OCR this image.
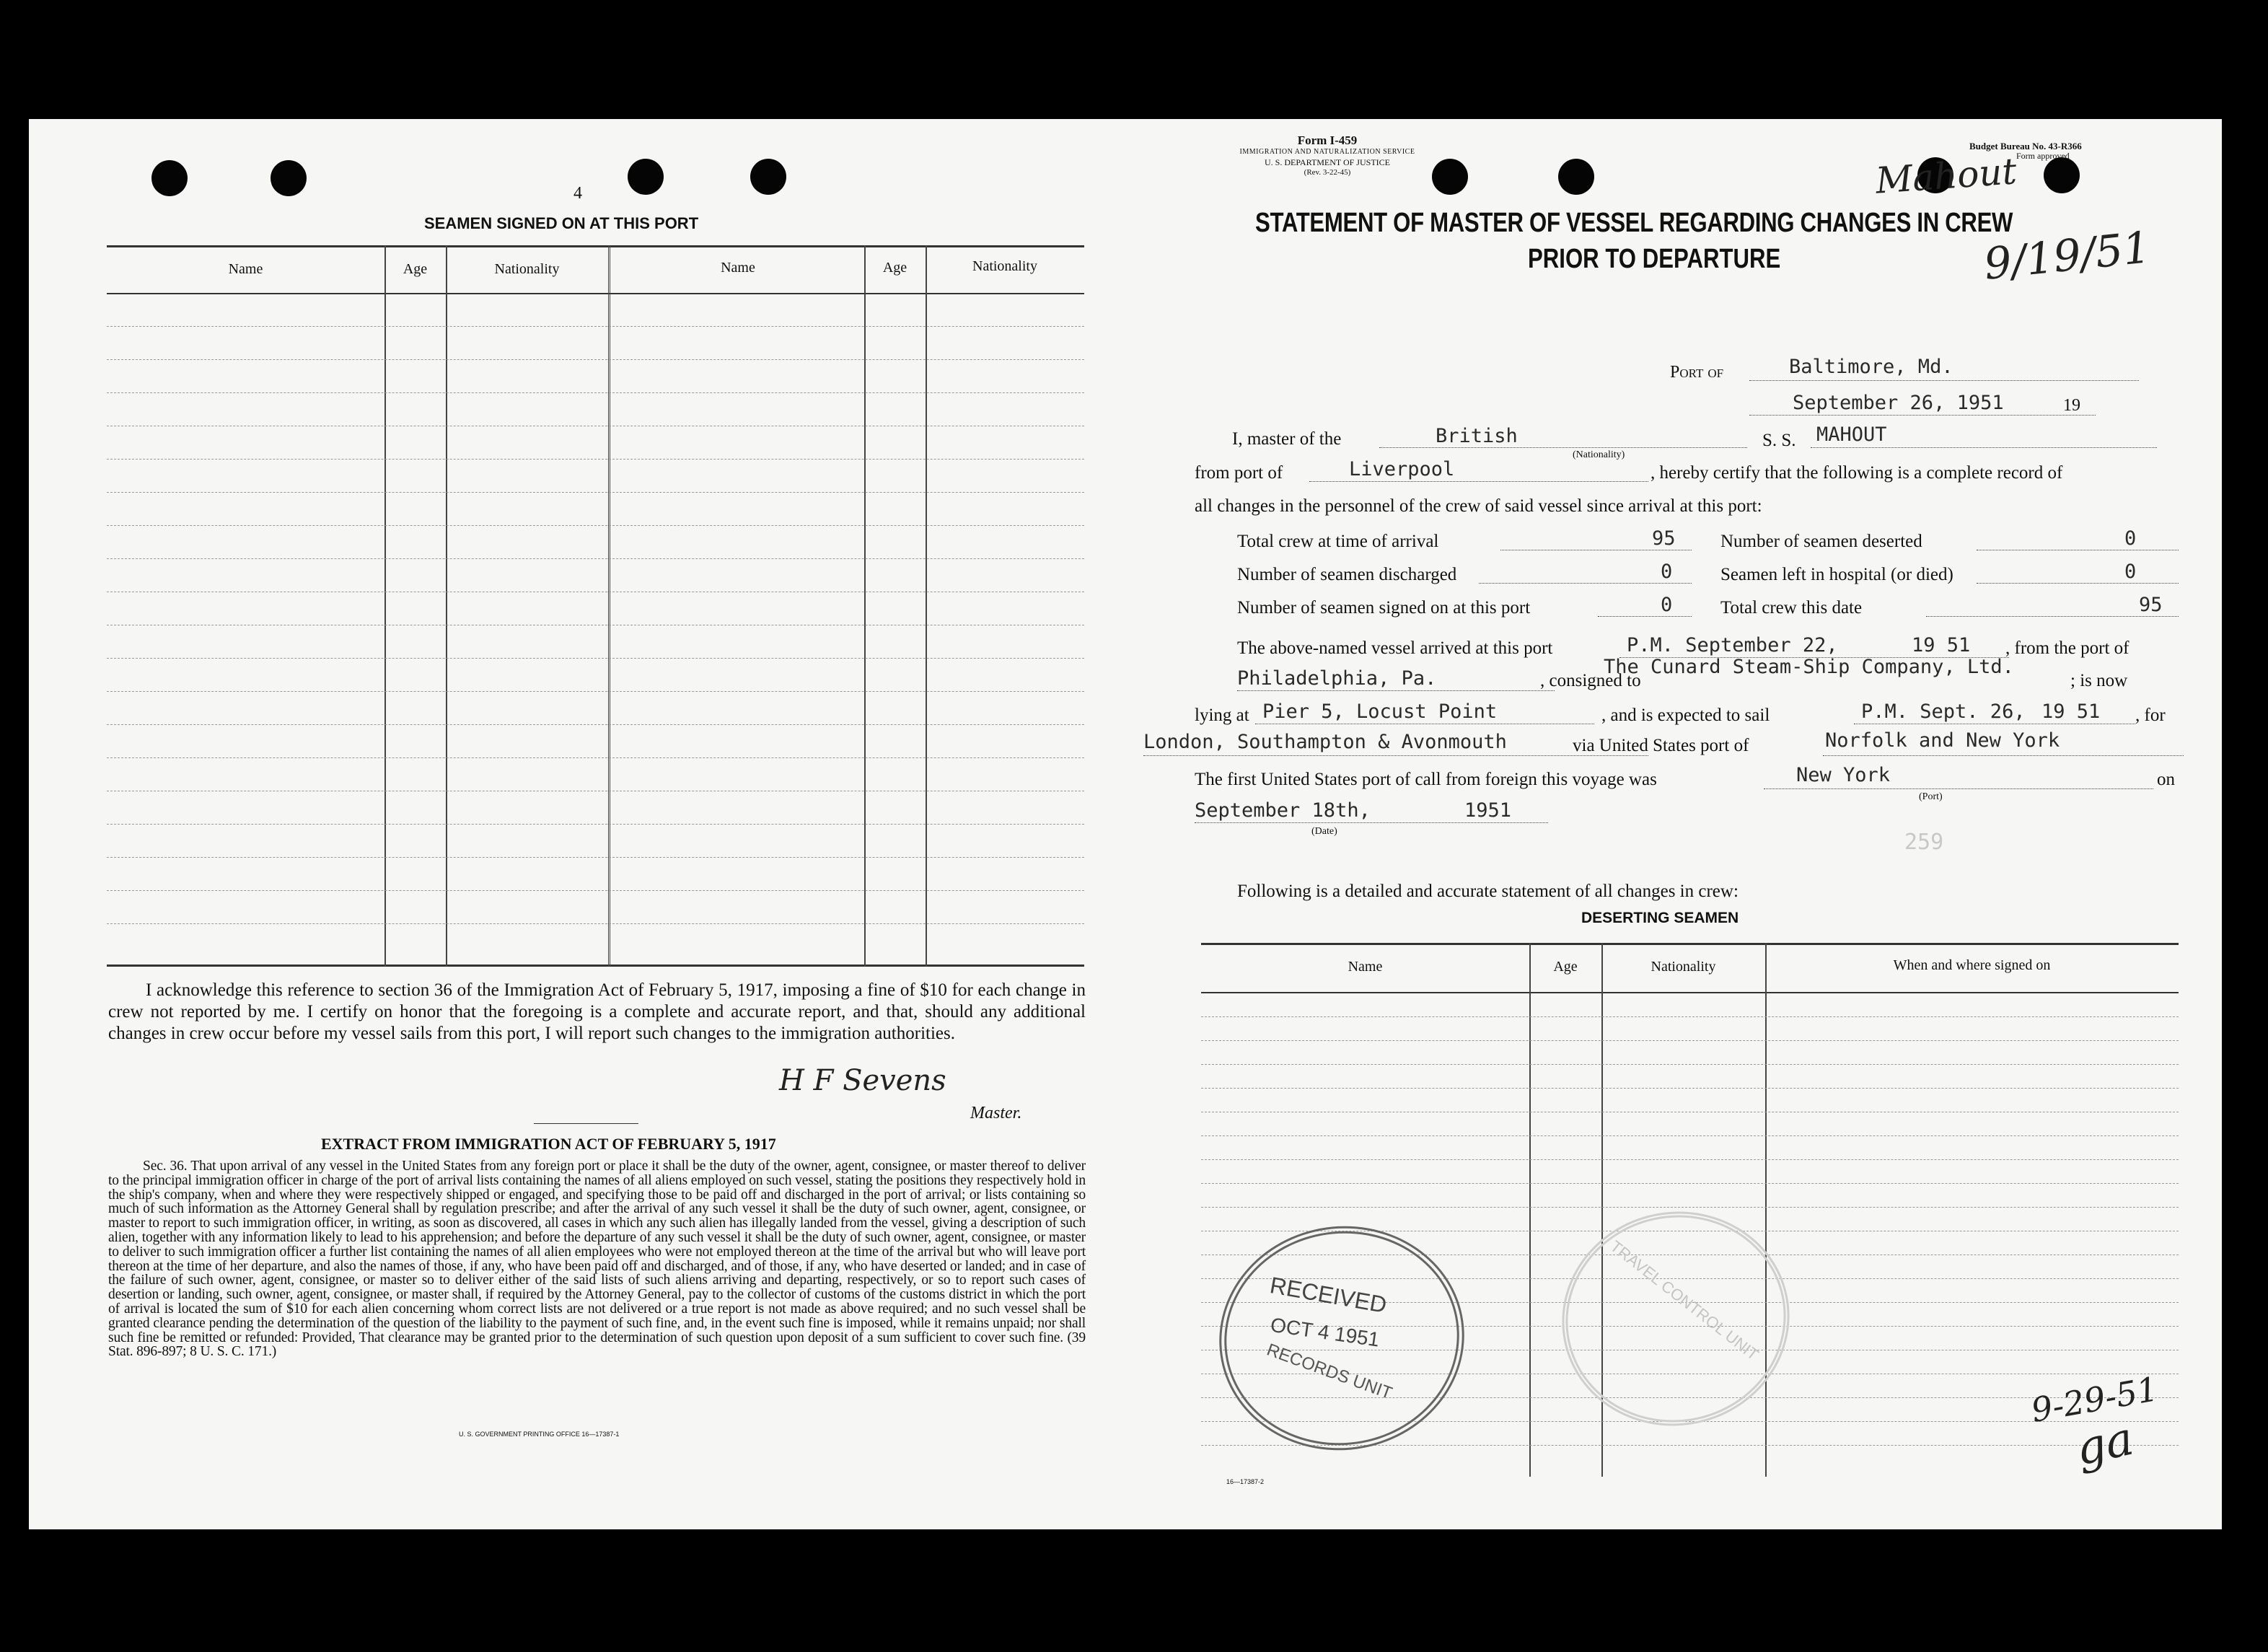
4
SEAMEN SIGNED ON AT THIS PORT
Name	Age	Nationality	Name	Age	Nationality
I acknowledge this reference to section 36 of the Immigration Act of February 5, 1917, imposing a fine of $10 for each change in crew not reported by me. I certify on honor that the foregoing is a complete and accurate report, and that, should any additional changes in crew occur before my vessel sails from this port, I will report such changes to the immigration authorities.
H F Sevens
Master.
EXTRACT FROM IMMIGRATION ACT OF FEBRUARY 5, 1917
Sec. 36. That upon arrival of any vessel in the United States from any foreign port or place it shall be the duty of the owner, agent, consignee, or master thereof to deliver to the principal immigration officer in charge of the port of arrival lists containing the names of all aliens employed on such vessel, stating the positions they respectively hold in the ship's company, when and where they were respectively shipped or engaged, and specifying those to be paid off and discharged in the port of arrival; or lists containing so much of such information as the Attorney General shall by regulation prescribe; and after the arrival of any such vessel it shall be the duty of such owner, agent, consignee, or master to report to such immigration officer, in writing, as soon as discovered, all cases in which any such alien has illegally landed from the vessel, giving a description of such alien, together with any information likely to lead to his apprehension; and before the departure of any such vessel it shall be the duty of such owner, agent, consignee, or master to deliver to such immigration officer a further list containing the names of all alien employees who were not employed thereon at the time of the arrival but who will leave port thereon at the time of her departure, and also the names of those, if any, who have been paid off and discharged, and of those, if any, who have deserted or landed; and in case of the failure of such owner, agent, consignee, or master so to deliver either of the said lists of such aliens arriving and departing, respectively, or so to report such cases of desertion or landing, such owner, agent, consignee, or master shall, if required by the Attorney General, pay to the collector of customs of the customs district in which the port of arrival is located the sum of $10 for each alien concerning whom correct lists are not delivered or a true report is not made as above required; and no such vessel shall be granted clearance pending the determination of the question of the liability to the payment of such fine, and, in the event such fine is imposed, while it remains unpaid; nor shall such fine be remitted or refunded: Provided, That clearance may be granted prior to the determination of such question upon deposit of a sum sufficient to cover such fine. (39 Stat. 896-897; 8 U. S. C. 171.)
U. S. GOVERNMENT PRINTING OFFICE 16—17387-1
Form I-459
IMMIGRATION AND NATURALIZATION SERVICE
U. S. DEPARTMENT OF JUSTICE
(Rev. 3-22-45)
Budget Bureau No. 43-R366
Form approved
Mahout
9/19/51
STATEMENT OF MASTER OF VESSEL REGARDING CHANGES IN CREW
PRIOR TO DEPARTURE
Port of	Baltimore, Md.
September 26, 1951	19
I, master of the	British
(Nationality)
S. S. MAHOUT
from port of	Liverpool	, hereby certify that the following is a complete record of
all changes in the personnel of the crew of said vessel since arrival at this port:
Total crew at time of arrival	95 Number of seamen deserted	0
Number of seamen discharged	0	Seamen left in hospital (or died)	0
Number of seamen signed on at this port	0	Total crew this date	95
The above-named vessel arrived at this port	P.M. September 22,	19 51 , from the port of
Philadelphia, Pa.	, consigned to
The Cunard Steam-Ship Company, Ltd.
; is now
lying at Pier 5, Locust Point	, and is expected to sail	P.M. Sept. 26, 19 51 , for
London, Southampton & Avonmouth	via United States port of	Norfolk and New York
The first United States port of call from foreign this voyage was	New York
(Port)
on
September 18th,	1951
(Date)	259
Following is a detailed and accurate statement of all changes in crew:
DESERTING SEAMEN
Name	Age	Nationality	When and where signed on
RECEIVED
OCT 4 1951
RECORDS UNIT
TRAVEL CONTROL UNIT
9-29-51
ga
16—17387-2
